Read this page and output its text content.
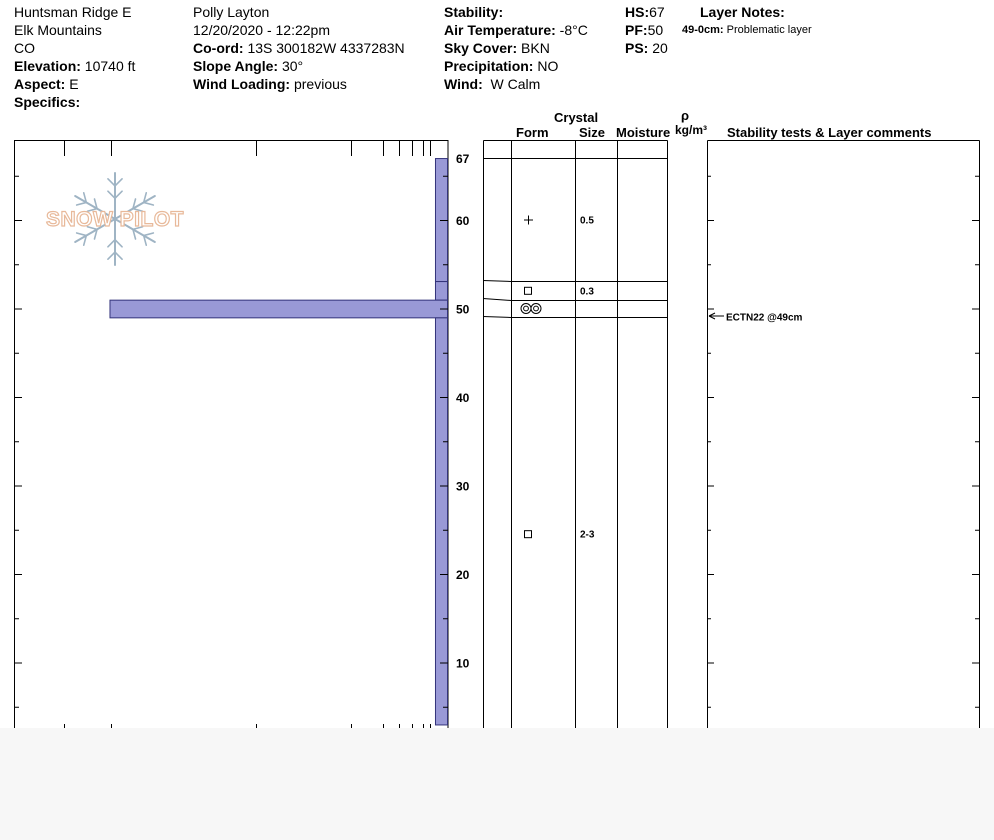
Huntsman Ridge E
Elk Mountains
CO
Elevation: 10740 ft
Aspect: E
Specifics:
Polly Layton
12/20/2020 - 12:22pm
Co-ord: 13S 300182W 4337283N
Slope Angle: 30°
Wind Loading: previous
Stability:
Air Temperature: -8°C
Sky Cover: BKN
Precipitation: NO
Wind: W Calm
HS:67
PF:50
PS: 20
Layer Notes:
49-0cm: Problematic layer
Crystal
Form Size Moisture
ρ
kg/m³ Stability tests & Layer comments
SNOW PILOT
10
20
30
40
50
60
67
0.5
0.3
2-3
ECTN22 @49cm
